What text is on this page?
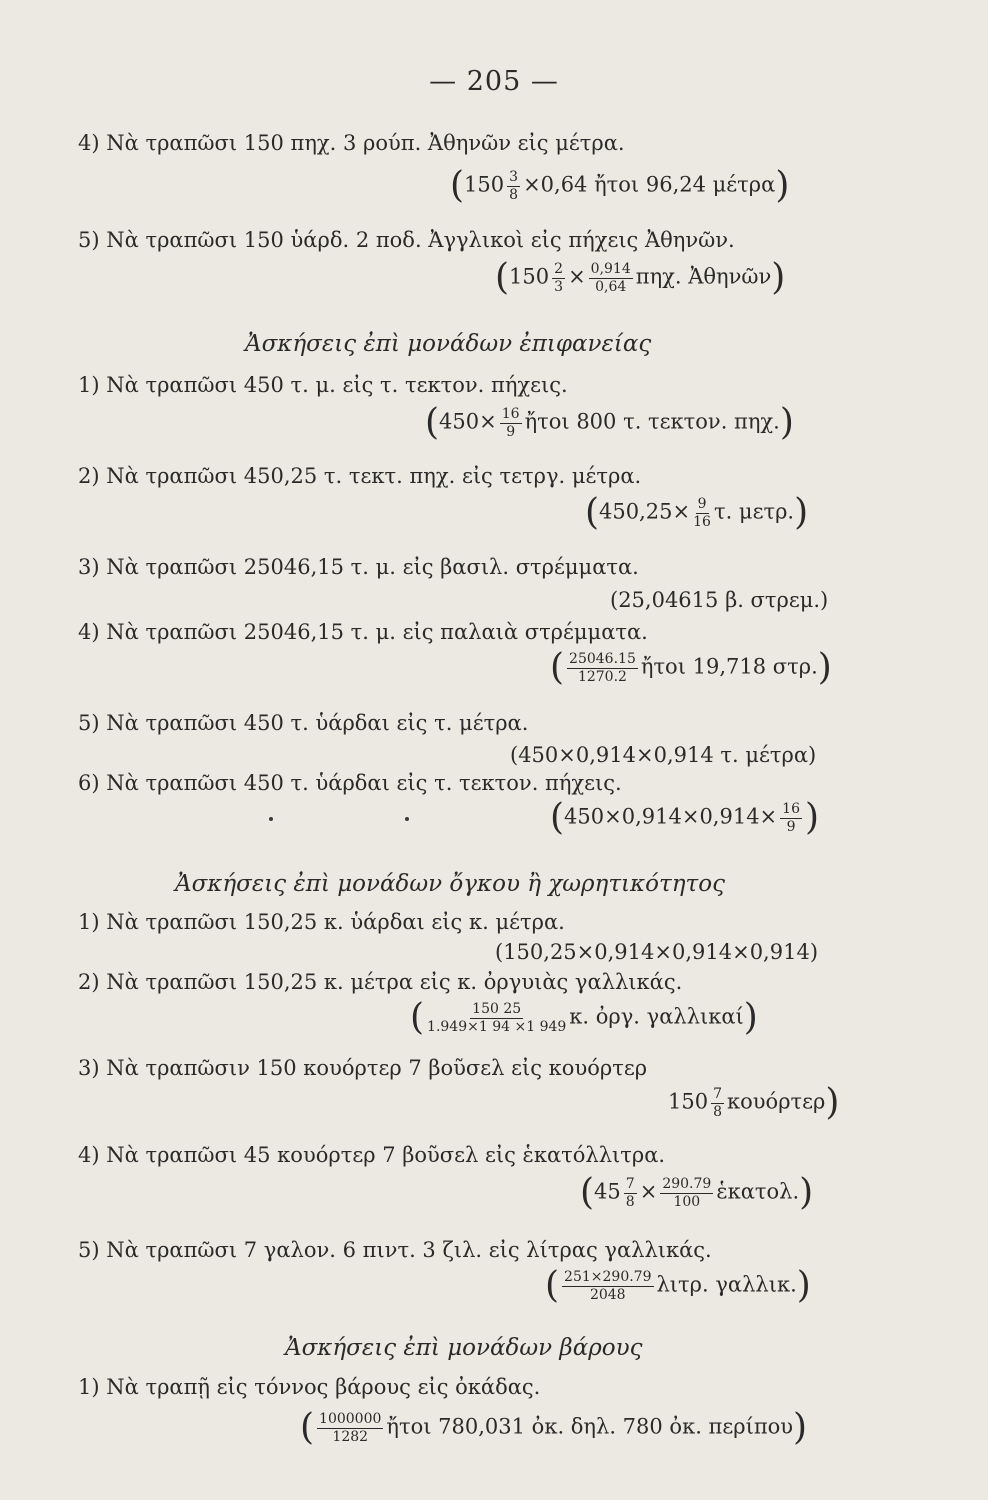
— 205 —
4) Νὰ τραπῶσι 150 πηχ. 3 ρούπ. Ἀθηνῶν εἰς μέτρα.
($150 \frac{3}{8} \times 0,64$ ἤτοι 96,24 μέτρα)
5) Νὰ τραπῶσι 150 ὑάρδ. 2 ποδ. Ἀγγλικοὶ εἰς πήχεις Ἀθηνῶν.
($150 \frac{2}{3} \times \frac{0,914}{0,64} \pi\eta\chi$. Ἀθηνῶν)
Ἀσκήσεις ἐπὶ μονάδων ἐπιφανείας
1) Νὰ τραπῶσι 450 τ. μ. εἰς τ. τεκτον. πήχεις.
($450\times \frac{16}{9}$ ἤτοι 800 τ. τεκτον. πηχ.)
2) Νὰ τραπῶσι 450,25 τ. τεκτ. πηχ. εἰς τετργ. μέτρα.
($450,25\times \frac{9}{16} \tau$. μετρ.)
3) Νὰ τραπῶσι 25046,15 τ. μ. εἰς βασιλ. στρέμματα.
(25,04615 β. στρεμ.)
4) Νὰ τραπῶσι 25046,15 τ. μ. εἰς παλαιὰ στρέμματα.
( $\frac{25046.15}{1270.2}$ ἤτοι 19,718 στρ.)
5) Νὰ τραπῶσι 450 τ. ὑάρδαι εἰς τ. μέτρα.
(450×0,914×0,914 τ. μέτρα)
6) Νὰ τραπῶσι 450 τ. ὑάρδαι εἰς τ. τεκτον. πήχεις.
($450\times 0,914\times 0,914\times \frac{16}{9}$ )
Ἀσκήσεις ἐπὶ μονάδων ὄγκου ἢ χωρητικότητος
1) Νὰ τραπῶσι 150,25 κ. ὑάρδαι εἰς κ. μέτρα.
(150,25×0,914×0,914×0,914)
2) Νὰ τραπῶσι 150,25 κ. μέτρα εἰς κ. ὀργυιὰς γαλλικάς.
( $\frac{150 25}{1.949\times 1 94 \times 1 949} \kappa$. ὀργ. γαλλικαί)
3) Νὰ τραπῶσιν 150 κουόρτερ 7 βοῦσελ εἰς κουόρτερ
$150 \frac{7}{8} \kappa o\upsilon ό\rho\tau\varepsilon\rho$)
4) Νὰ τραπῶσι 45 κουόρτερ 7 βοῦσελ εἰς ἑκατόλλιτρα.
($45 \frac{7}{8} \times \frac{290.79}{100}$ ἑκατολ.)
5) Νὰ τραπῶσι 7 γαλον. 6 πιντ. 3 ζιλ. εἰς λίτρας γαλλικάς.
( $\frac{251\times 290.79}{2048} \lambda\iota\tau\rho$. γαλλικ.)
Ἀσκήσεις ἐπὶ μονάδων βάρους
1) Νὰ τραπῇ εἰς τόννος βάρους εἰς ὀκάδας.
( $\frac{1000000}{1282}$ ἤτοι 780,031 ὀκ. δηλ. 780 ὀκ. περίπου)
